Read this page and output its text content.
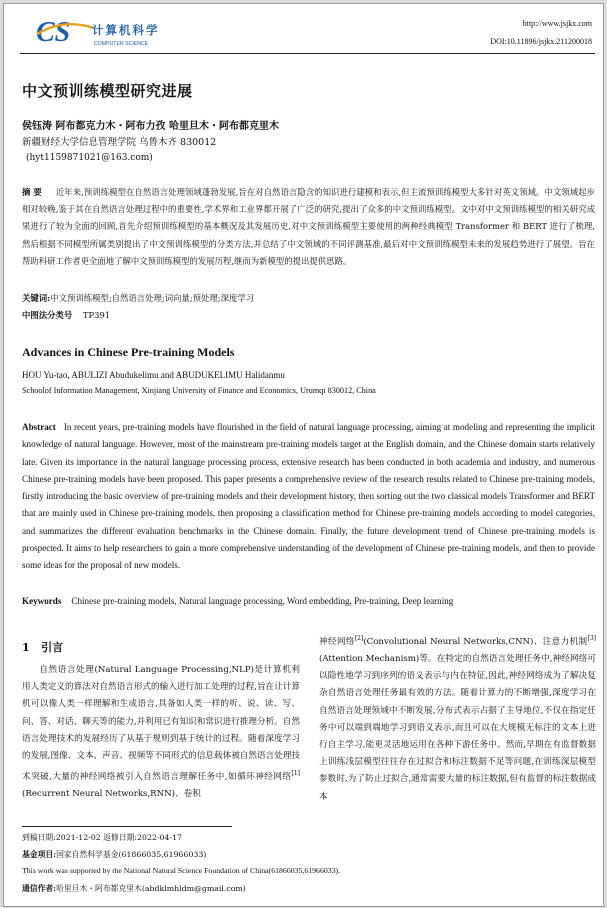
CS 计算机科学
COMPUTER SCIENCE
http://www.jsjkx.com
DOI:10.11896/jsjkx.211200018
中文预训练模型研究进展
侯钰涛 阿布都克力木・阿布力孜 哈里旦木・阿布都克里木
新疆财经大学信息管理学院 乌鲁木齐 830012
(hyt1159871021@163.com)
摘 要 近年来,预训练模型在自然语言处理领域蓬勃发展,旨在对自然语言隐含的知识进行建模和表示,但主流预训练模型大多针对英文领域。中文领域起步相对较晚,鉴于其在自然语言处理过程中的重要性,学术界和工业界都开展了广泛的研究,提出了众多的中文预训练模型。文中对中文预训练模型的相关研究成果进行了较为全面的回顾,首先介绍预训练模型的基本概况及其发展历史,对中文预训练模型主要使用的两种经典模型 Transformer 和 BERT 进行了梳理,然后根据不同模型所属类别提出了中文预训练模型的分类方法,并总结了中文领域的不同评测基准,最后对中文预训练模型未来的发展趋势进行了展望。旨在帮助科研工作者更全面地了解中文预训练模型的发展历程,继而为新模型的提出提供思路。
关键词:中文预训练模型;自然语言处理;词向量;预处理;深度学习
中图法分类号 TP391
Advances in Chinese Pre-training Models
HOU Yu-tao, ABULIZI Abudukelimu and ABUDUKELIMU Halidanmu
Schoolof Information Management, Xinjiang University of Finance and Economics, Urumqi 830012, China
Abstract In recent years, pre-training models have flourished in the field of natural language processing, aiming at modeling and representing the implicit knowledge of natural language. However, most of the mainstream pre-training models target at the English domain, and the Chinese domain starts relatively late. Given its importance in the natural language processing process, extensive research has been conducted in both academia and industry, and numerous Chinese pre-training models have been proposed. This paper presents a comprehensive review of the research results related to Chinese pre-training models, firstly introducing the basic overview of pre-training models and their development history, then sorting out the two classical models Transformer and BERT that are mainly used in Chinese pre-training models, then proposing a classification method for Chinese pre-training models according to model categories, and summarizes the different evaluation benchmarks in the Chinese domain. Finally, the future development trend of Chinese pre-training models is prospected. It aims to help researchers to gain a more comprehensive understanding of the development of Chinese pre-training models, and then to provide some ideas for the proposal of new models.
Keywords Chinese pre-training models, Natural language processing, Word embedding, Pre-training, Deep learning
1 引言
自然语言处理(Natural Language Processing,NLP)是计算机利用人类定义的算法对自然语言形式的输入进行加工处理的过程,旨在让计算机可以像人类一样理解和生成语言,具备如人类一样的听、说、读、写、问、答、对话、聊天等的能力,并利用已有知识和常识进行推理分析。自然语言处理技术的发展经历了从基于规则到基于统计的过程。随着深度学习的发展,图像、文本、声音、视频等不同形式的信息载体被自然语言处理技术突破,大量的神经网络被引入自然语言理解任务中,如循环神经网络[1](Recurrent Neural Networks,RNN)、卷积
神经网络[2](Convolutional Neural Networks,CNN)、注意力机制[3](Attention Mechanism)等。在特定的自然语言处理任务中,神经网络可以隐性地学习到序列的语义表示与内在特征,因此,神经网络成为了解决复杂自然语言处理任务最有效的方法。随着计算力的不断增强,深度学习在自然语言处理领域中不断发展,分布式表示占据了主导地位,不仅在指定任务中可以端到端地学习到语义表示,而且可以在大规模无标注的文本上进行自主学习,能更灵活地运用在各种下游任务中。然而,早期在有监督数据上训练浅层模型往往存在过拟合和标注数据不足等问题,在训练深层模型参数时,为了防止过拟合,通常需要大量的标注数据,但有监督的标注数据成本
到稿日期:2021-12-02 返修日期:2022-04-17
基金项目:国家自然科学基金(61866035,61966033)
This work was supported by the National Natural Science Foundation of China(61866035,61966033).
通信作者:哈里旦木・阿布都克里木(abdklmhldm@gmail.com)
